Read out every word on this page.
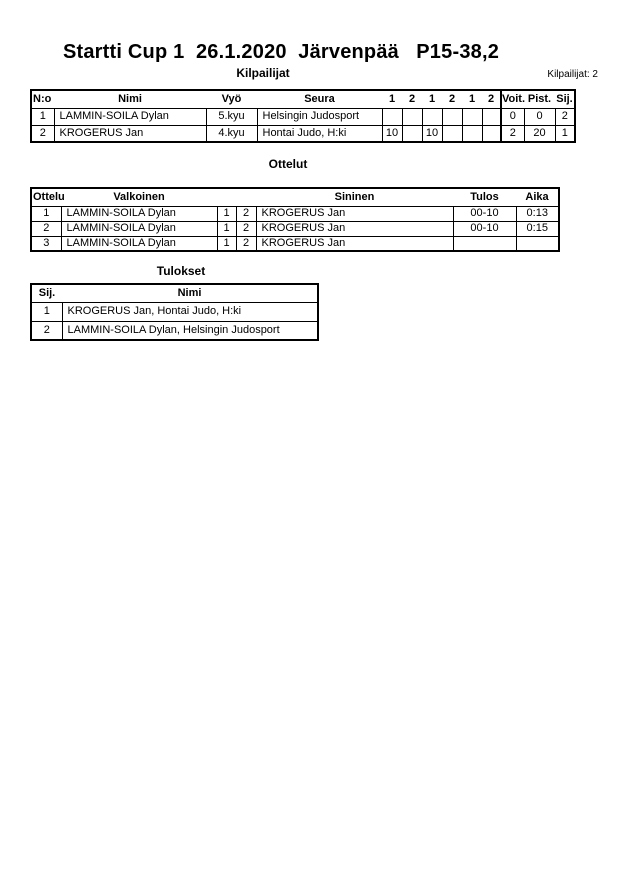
Startti Cup 1  26.1.2020  Järvenpää   P15-38,2
Kilpailijat	Kilpailijat: 2
N:o	Nimi	Vyö	Seura	1	2	1	2	1	2	Voit.	Pist.	Sij.
1	LAMMIN-SOILA Dylan	5.kyu	Helsingin Judosport							0	0	2
2	KROGERUS Jan	4.kyu	Hontai Judo, H:ki	10		10				2	20	1
Ottelut
Ottelu	Valkoinen			Sininen	Tulos	Aika
1	LAMMIN-SOILA Dylan	1	2	KROGERUS Jan	00-10	0:13
2	LAMMIN-SOILA Dylan	1	2	KROGERUS Jan	00-10	0:15
3	LAMMIN-SOILA Dylan	1	2	KROGERUS Jan		
Tulokset
Sij.	Nimi
1	KROGERUS Jan, Hontai Judo, H:ki
2	LAMMIN-SOILA Dylan, Helsingin Judosport
